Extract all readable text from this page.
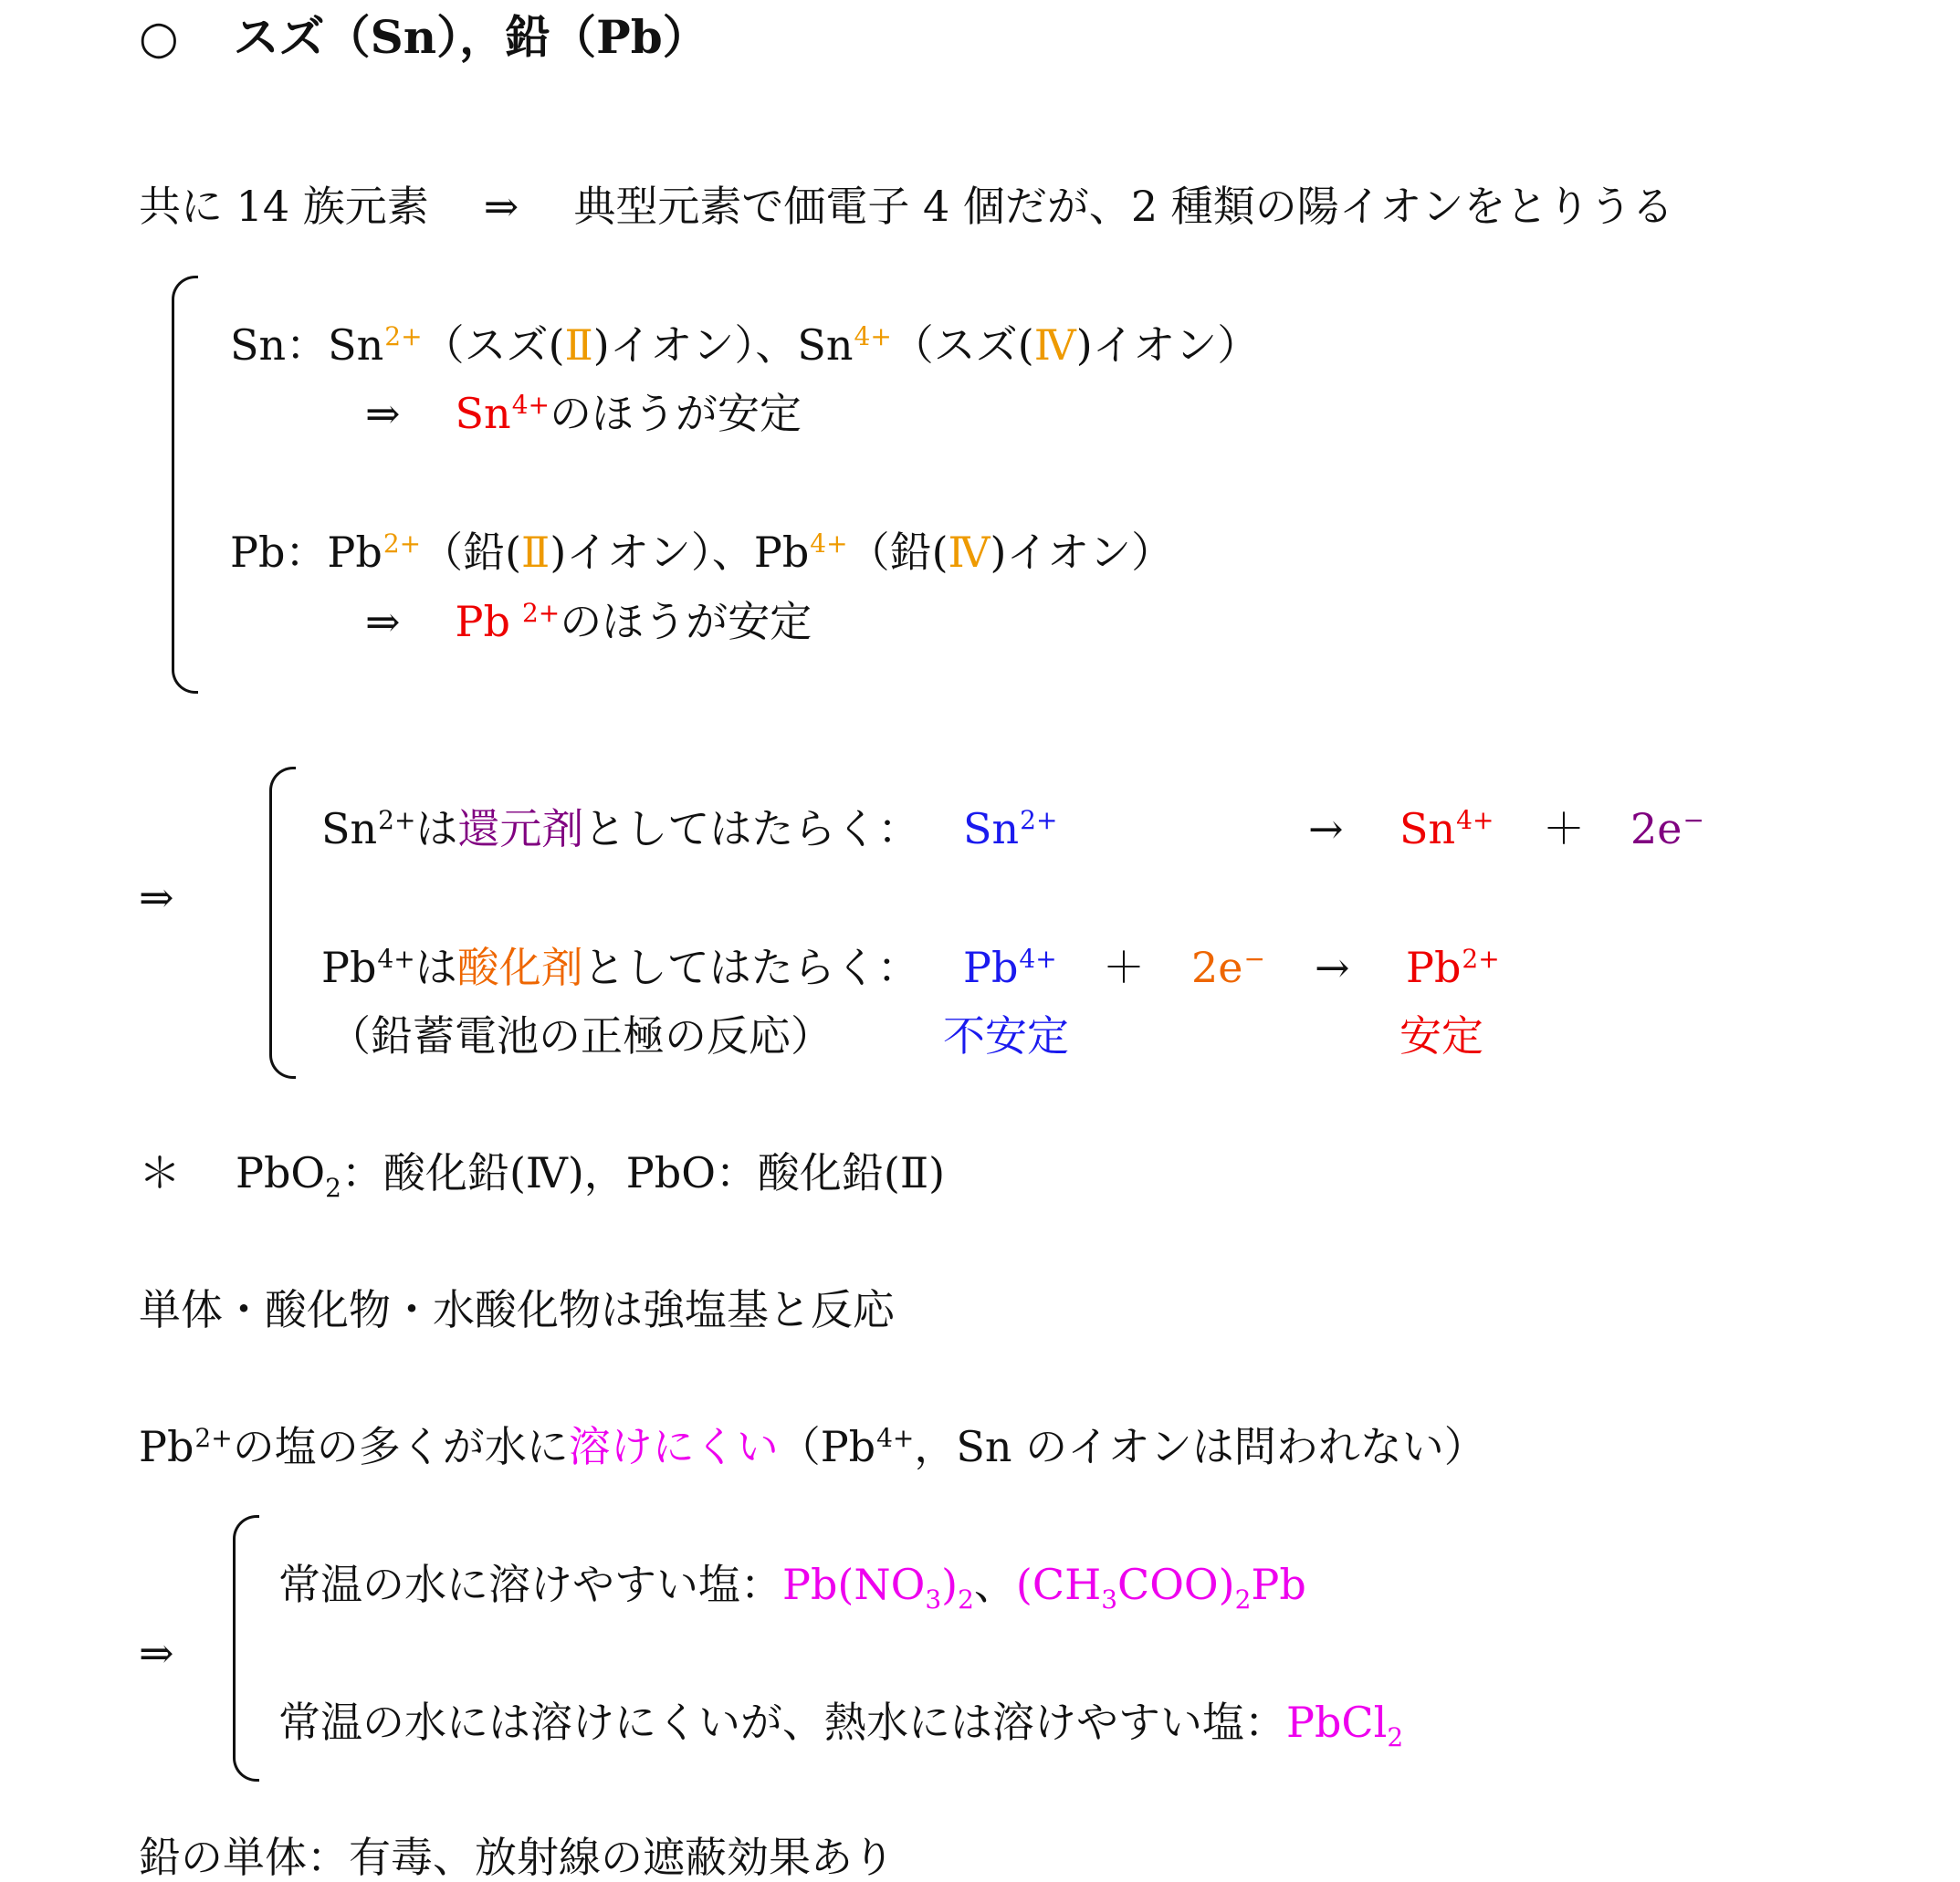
○ スズ（Sn），鉛（Pb）
共に 14 族元素 ⇒ 典型元素で価電子 4 個だが、2 種類の陽イオンをとりうる
Sn：$Sn^{2+}$（スズ(Ⅱ)イオン）、$Sn^{4+}$（スズ(Ⅳ)イオン）
⇒ $Sn^{4+}$のほうが安定
Pb：$Pb^{2+}$（鉛(Ⅱ)イオン）、$Pb^{4+}$（鉛(Ⅳ)イオン）
⇒ Pb $^{2+}$のほうが安定
⇒
$Sn^{2+}$は還元剤としてはたらく： $Sn^{2+}$	→ $Sn^{4+} + 2e^-$
$Pb^{4+}$は酸化剤としてはたらく： $Pb^{4+} + 2e^- \to Pb^{2+}$
（鉛蓄電池の正極の反応）	不安定	安定
＊ PbO$_2$：酸化鉛(Ⅳ)，PbO：酸化鉛(Ⅱ)
単体・酸化物・水酸化物は強塩基と反応
$Pb^{2+}$の塩の多くが水に溶けにくい（$Pb^{4+}$，Sn のイオンは問われない）
⇒
常温の水に溶けやすい塩：$Pb(NO_3)_2$、$(CH_3COO)_2Pb$
常温の水には溶けにくいが、熱水には溶けやすい塩：PbCl$_2$
鉛の単体：有毒、放射線の遮蔽効果あり
